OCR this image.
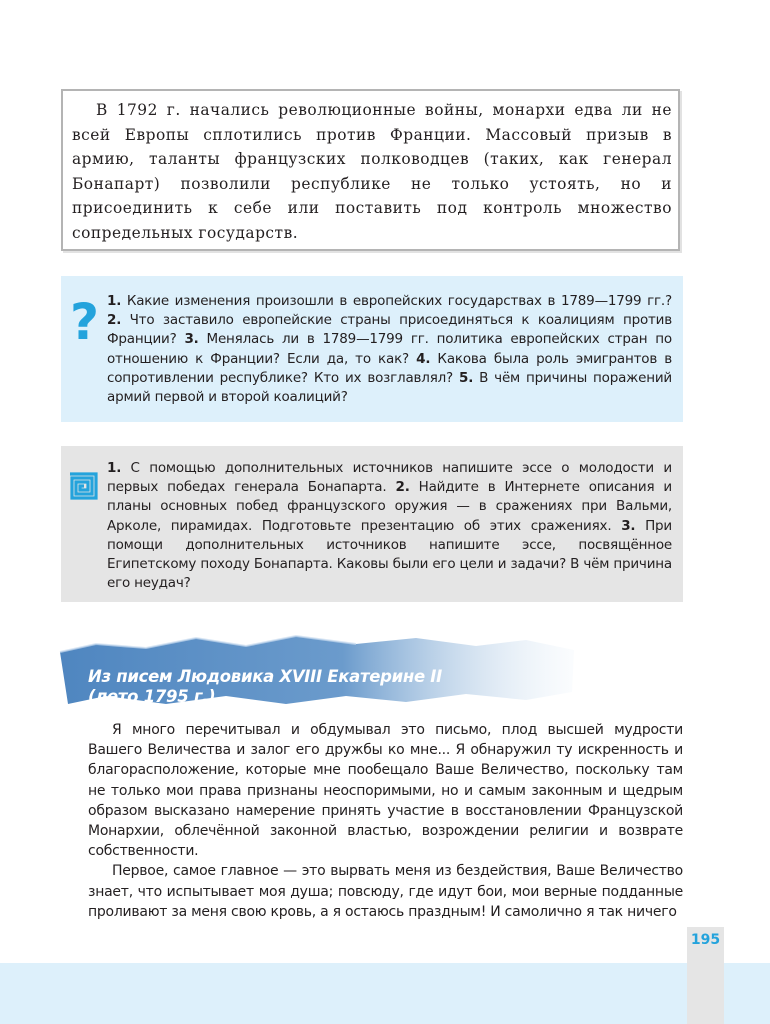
В 1792 г. начались революционные войны, монархи едва ли не всей Европы сплотились против Франции. Массовый призыв в армию, таланты французских полководцев (таких, как генерал Бонапарт) позволили республике не только устоять, но и присоединить к себе или поставить под контроль множество сопредельных государств.

? 1. Какие изменения произошли в европейских государствах в 1789—1799 гг.? 2. Что заставило европейские страны присоединяться к коалициям против Франции? 3. Менялась ли в 1789—1799 гг. политика европейских стран по отношению к Франции? Если да, то как? 4. Какова была роль эмигрантов в сопротивлении республике? Кто их возглавлял? 5. В чём причины поражений армий первой и второй коалиций?

1. С помощью дополнительных источников напишите эссе о молодости и первых победах генерала Бонапарта. 2. Найдите в Интернете описания и планы основных побед французского оружия — в сражениях при Вальми, Арколе, пирамидах. Подготовьте презентацию об этих сражениях. 3. При помощи дополнительных источников напишите эссе, посвящённое Египетскому походу Бонапарта. Каковы были его цели и задачи? В чём причина его неудач?

Из писем Людовика XVIII Екатерине II
(лето 1795 г.)

Я много перечитывал и обдумывал это письмо, плод высшей мудрости Вашего Величества и залог его дружбы ко мне... Я обнаружил ту искренность и благорасположение, которые мне пообещало Ваше Величество, поскольку там не только мои права признаны неоспоримыми, но и самым законным и щедрым образом высказано намерение принять участие в восстановлении Французской Монархии, облечённой законной властью, возрождении религии и возврате собственности.

Первое, самое главное — это вырвать меня из бездействия, Ваше Величество знает, что испытывает моя душа; повсюду, где идут бои, мои верные подданные проливают за меня свою кровь, а я остаюсь праздным! И самолично я так ничего

195
